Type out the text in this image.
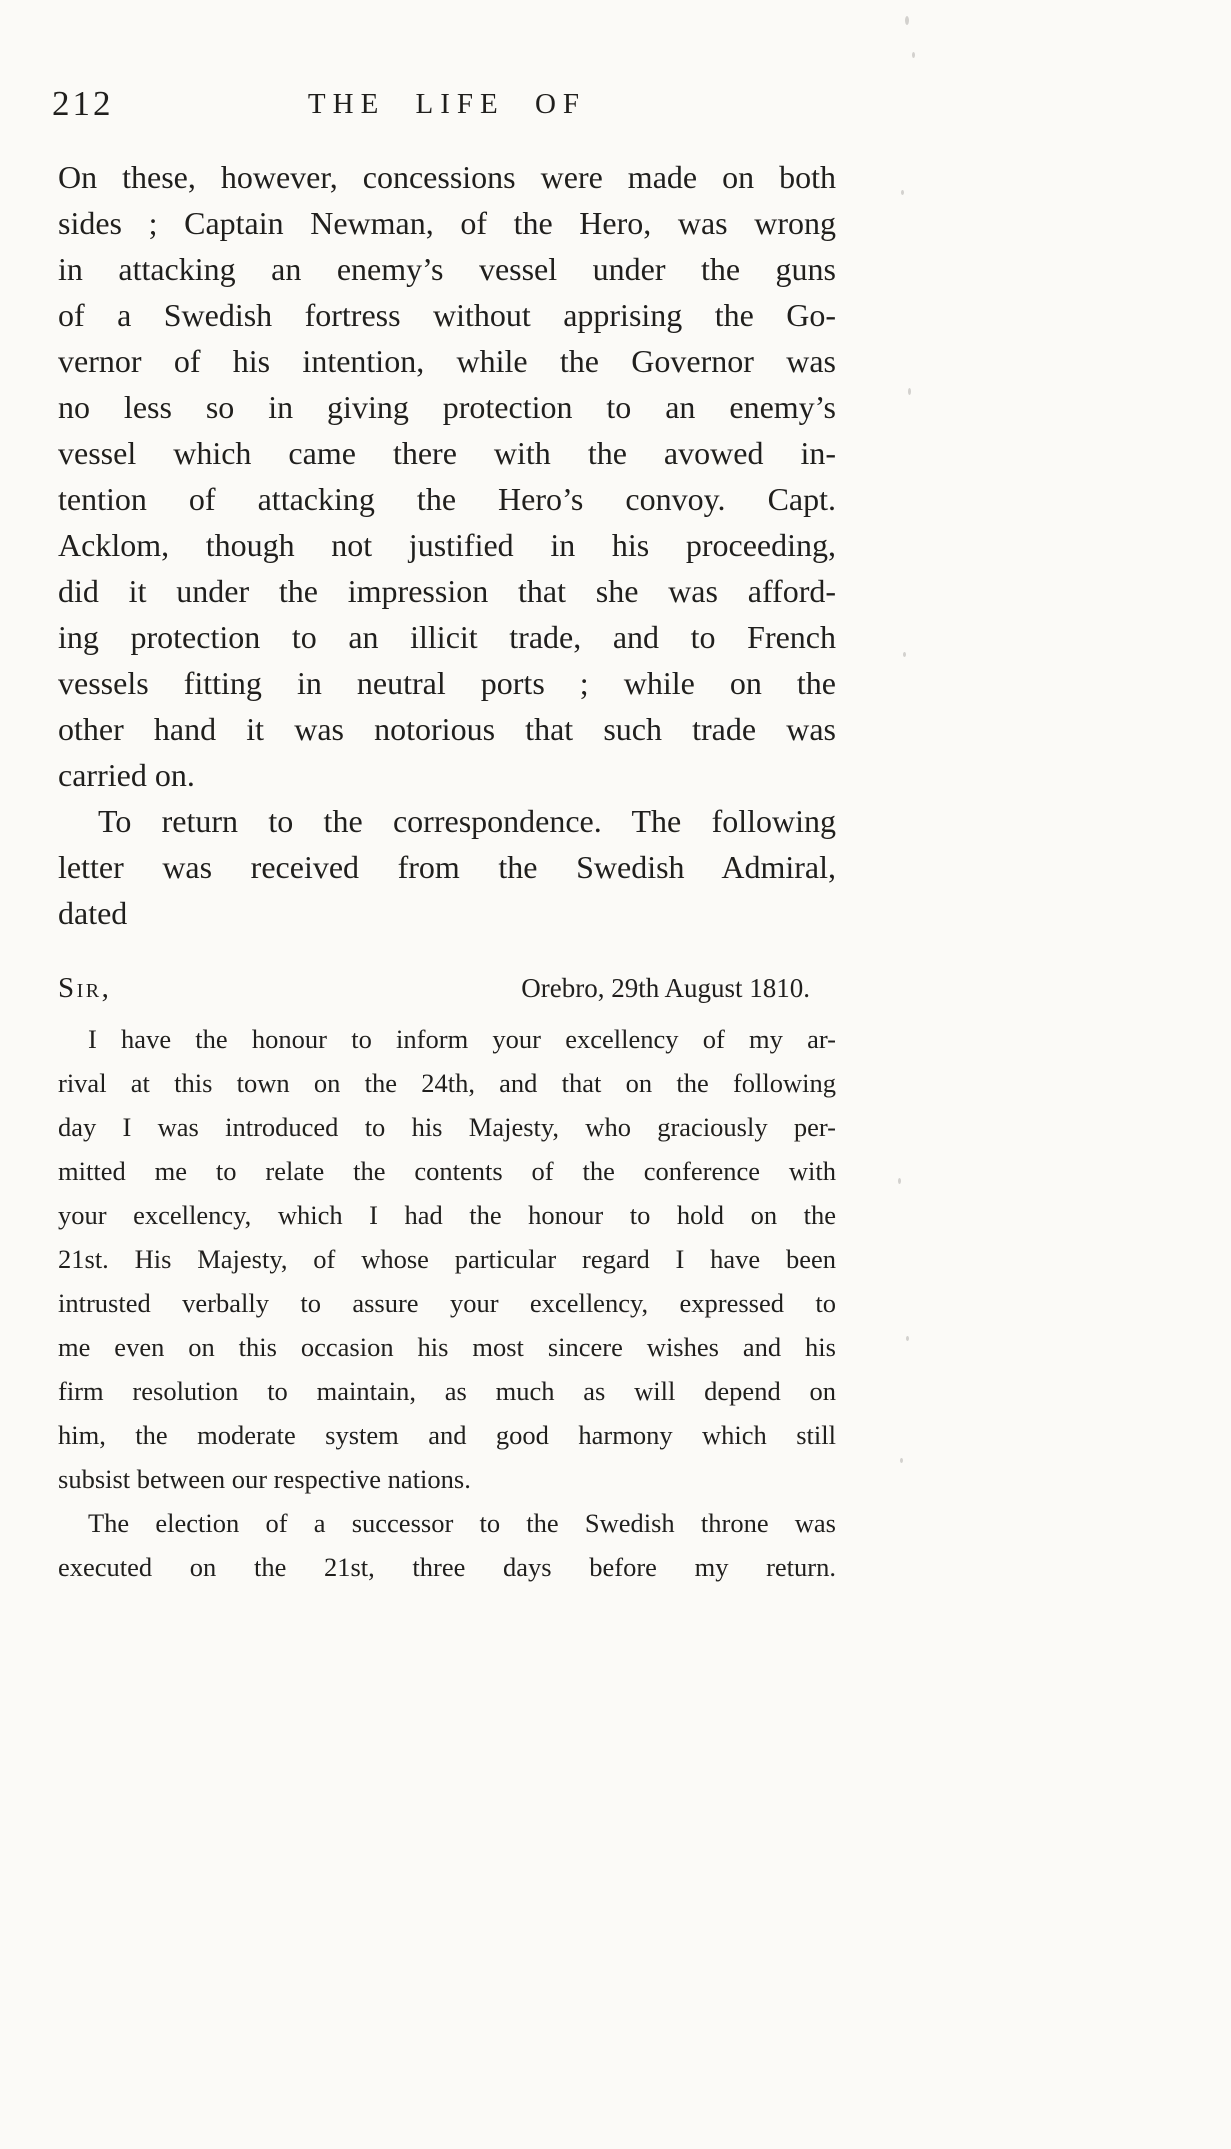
212	THE LIFE OF
On these, however, concessions were made on both
sides ; Captain Newman, of the Hero, was wrong
in attacking an enemy’s vessel under the guns
of a Swedish fortress without apprising the Go-
vernor of his intention, while the Governor was
no less so in giving protection to an enemy’s
vessel which came there with the avowed in-
tention of attacking the Hero’s convoy. Capt.
Acklom, though not justified in his proceeding,
did it under the impression that she was afford-
ing protection to an illicit trade, and to French
vessels fitting in neutral ports ; while on the
other hand it was notorious that such trade was
carried on.
To return to the correspondence. The following
letter was received from the Swedish Admiral,
dated
Sir,	Orebro, 29th August 1810.
I have the honour to inform your excellency of my ar-
rival at this town on the 24th, and that on the following
day I was introduced to his Majesty, who graciously per-
mitted me to relate the contents of the conference with
your excellency, which I had the honour to hold on the
21st. His Majesty, of whose particular regard I have been
intrusted verbally to assure your excellency, expressed to
me even on this occasion his most sincere wishes and his
firm resolution to maintain, as much as will depend on
him, the moderate system and good harmony which still
subsist between our respective nations.
The election of a successor to the Swedish throne was
executed on the 21st, three days before my return.
